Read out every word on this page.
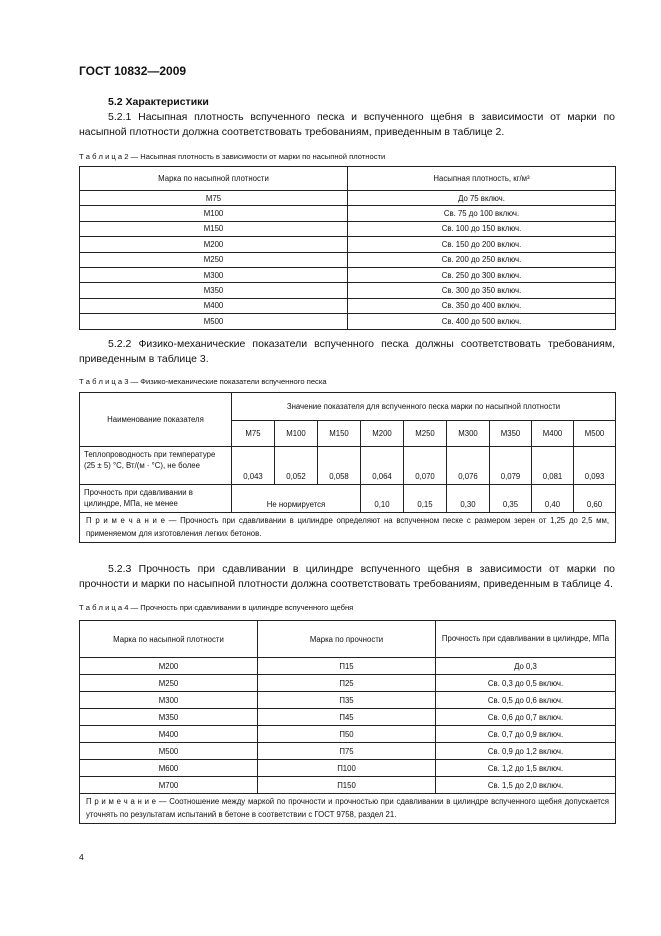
ГОСТ 10832—2009
5.2 Характеристики
5.2.1 Насыпная плотность вспученного песка и вспученного щебня в зависимости от марки по насыпной плотности должна соответствовать требованиям, приведенным в таблице 2.
Т а б л и ц а 2 — Насыпная плотность в зависимости от марки по насыпной плотности
Марка по насыпной плотности	Насыпная плотность, кг/м³
М75	До 75 включ.
М100	Св. 75 до 100 включ.
М150	Св. 100 до 150 включ.
М200	Св. 150 до 200 включ.
М250	Св. 200 до 250 включ.
М300	Св. 250 до 300 включ.
М350	Св. 300 до 350 включ.
М400	Св. 350 до 400 включ.
М500	Св. 400 до 500 включ.
5.2.2 Физико-механические показатели вспученного песка должны соответствовать требованиям, приведенным в таблице 3.
Т а б л и ц а 3 — Физико-механические показатели вспученного песка
Наименование показателя	Значение показателя для вспученного песка марки по насыпной плотности								
	М75	М100	М150	М200	М250	М300	М350	М400	М500
Теплопроводность при температуре (25 ± 5) °С, Вт/(м · °С), не более	0,043	0,052	0,058	0,064	0,070	0,076	0,079	0,081	0,093
Прочность при сдавливании в цилиндре, МПа, не менее	Не нормируется			0,10	0,15	0,30	0,35	0,40	0,60
П р и м е ч а н и е — Прочность при сдавливании в цилиндре определяют на вспученном песке с размером зерен от 1,25 до 2,5 мм, применяемом для изготовления легких бетонов.									
5.2.3 Прочность при сдавливании в цилиндре вспученного щебня в зависимости от марки по прочности и марки по насыпной плотности должна соответствовать требованиям, приведенным в таблице 4.
Т а б л и ц а 4 — Прочность при сдавливании в цилиндре вспученного щебня
Марка по насыпной плотности	Марка по прочности	Прочность при сдавливании в цилиндре, МПа
М200	П15	До 0,3
М250	П25	Св. 0,3 до 0,5 включ.
М300	П35	Св. 0,5 до 0,6 включ.
М350	П45	Св. 0,6 до 0,7 включ.
М400	П50	Св. 0,7 до 0,9 включ.
М500	П75	Св. 0,9 до 1,2 включ.
М600	П100	Св. 1,2 до 1,5 включ.
М700	П150	Св. 1,5 до 2,0 включ.
П р и м е ч а н и е — Соотношение между маркой по прочности и прочностью при сдавливании в цилиндре вспученного щебня допускается уточнять по результатам испытаний в бетоне в соответствии с ГОСТ 9758, раздел 21.		
4
